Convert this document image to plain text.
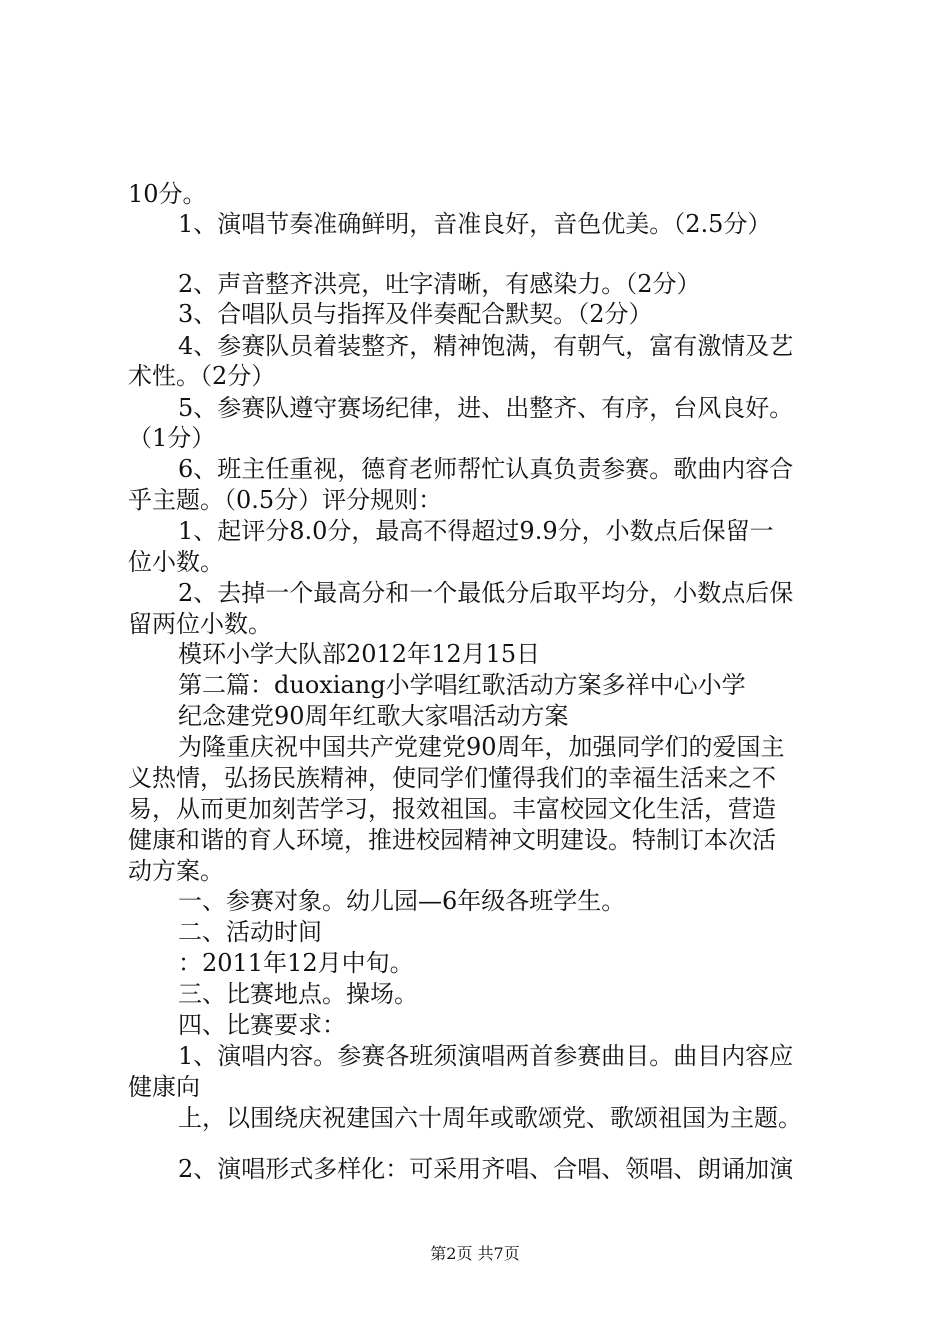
10分。
1、演唱节奏准确鲜明，音准良好，音色优美。（2.5分）
2、声音整齐洪亮，吐字清晰，有感染力。（2分）
3、合唱队员与指挥及伴奏配合默契。（2分）
4、参赛队员着装整齐，精神饱满，有朝气，富有激情及艺
术性。（2分）
5、参赛队遵守赛场纪律，进、出整齐、有序，台风良好。
（1分）
6、班主任重视，德育老师帮忙认真负责参赛。歌曲内容合
乎主题。（0.5分）评分规则：
1、起评分8.0分，最高不得超过9.9分，小数点后保留一
位小数。
2、去掉一个最高分和一个最低分后取平均分，小数点后保
留两位小数。
模环小学大队部2012年12月15日
第二篇：duoxiang小学唱红歌活动方案多祥中心小学
纪念建党90周年红歌大家唱活动方案
为隆重庆祝中国共产党建党90周年，加强同学们的爱国主
义热情，弘扬民族精神，使同学们懂得我们的幸福生活来之不
易，从而更加刻苦学习，报效祖国。丰富校园文化生活，营造
健康和谐的育人环境，推进校园精神文明建设。特制订本次活
动方案。
一、参赛对象。幼儿园—6年级各班学生。
二、活动时间
：2011年12月中旬。
三、比赛地点。操场。
四、比赛要求：
1、演唱内容。参赛各班须演唱两首参赛曲目。曲目内容应
健康向
上，以围绕庆祝建国六十周年或歌颂党、歌颂祖国为主题。
2、演唱形式多样化：可采用齐唱、合唱、领唱、朗诵加演
第2页 共7页
